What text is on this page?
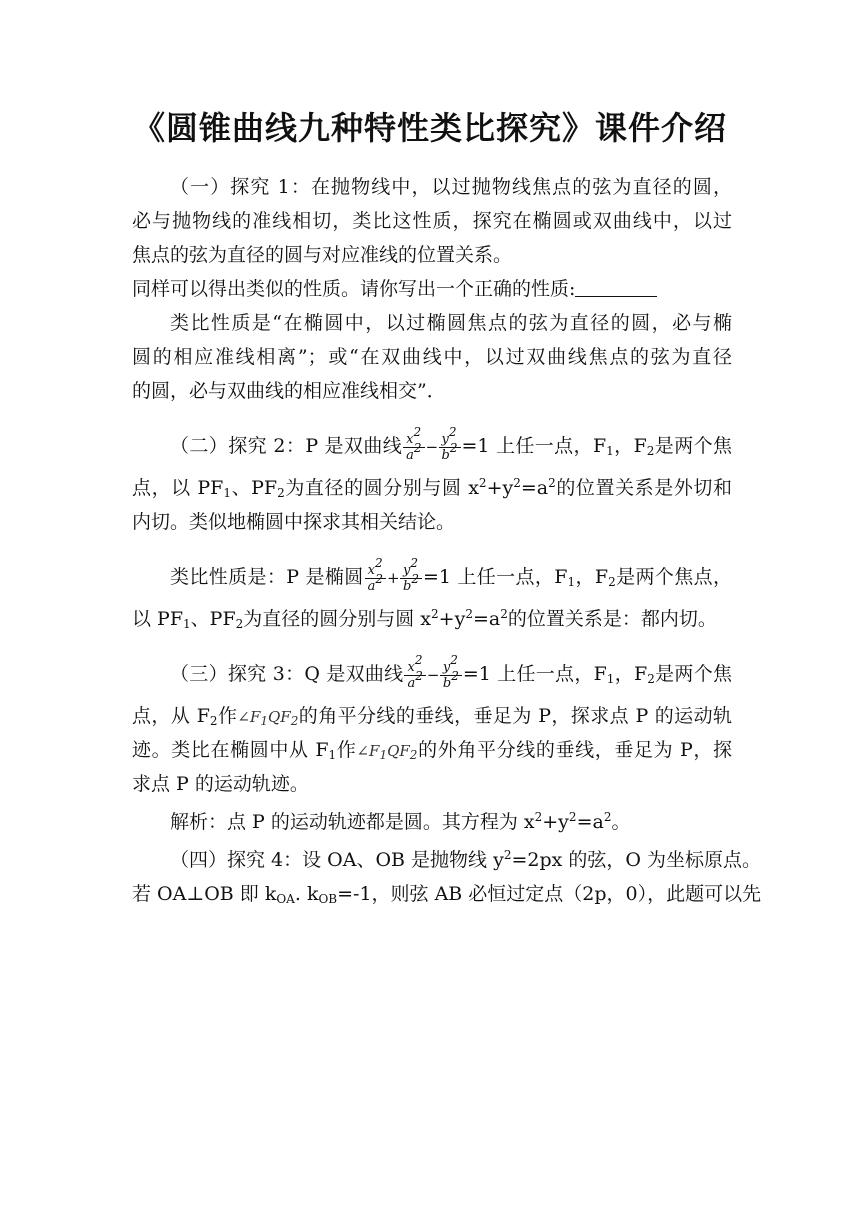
《圆锥曲线九种特性类比探究》课件介绍
（一）探究 1：在抛物线中，以过抛物线焦点的弦为直径的圆，
必与抛物线的准线相切，类比这性质，探究在椭圆或双曲线中，以过
焦点的弦为直径的圆与对应准线的位置关系。
同样可以得出类似的性质。请你写出一个正确的性质:
类比性质是“在椭圆中，以过椭圆焦点的弦为直径的圆，必与椭
圆的相应准线相离”；或“在双曲线中，以过双曲线焦点的弦为直径
的圆，必与双曲线的相应准线相交”．
（二）探究 2：P 是双曲线 $\frac{x2}{a2} - \frac{y2}{b2} =1$ 上任一点，$F_1$，$F_2$是两个焦
点，以 $PF_1$、$PF_2$为直径的圆分别与圆 $x^2+y^2=a^2$的位置关系是外切和
内切。类似地椭圆中探求其相关结论。
类比性质是：P 是椭圆 $\frac{x2}{a2} + \frac{y2}{b2} =1$ 上任一点，$F_1$，$F_2$是两个焦点，
以 $PF_1$、$PF_2$为直径的圆分别与圆 $x^2+y^2=a^2$的位置关系是：都内切。
（三）探究 3：Q 是双曲线 $\frac{x2}{a2} - \frac{y2}{b2} =1$ 上任一点，$F_1$，$F_2$是两个焦
点，从 $F_2$作$\angle F_1QF_2$的角平分线的垂线，垂足为 P，探求点 P 的运动轨
迹。类比在椭圆中从 $F_1$作$\angle F_1QF_2$的外角平分线的垂线，垂足为 P，探
求点 P 的运动轨迹。
解析：点 P 的运动轨迹都是圆。其方程为 $x^2+y^2=a^2$。
（四）探究 4：设 OA、OB 是抛物线 $y^2=2px$ 的弦，O 为坐标原点。
若 OA⊥OB 即 $k_{OA}$. $k_{OB}=-1$，则弦 AB 必恒过定点（2p，0），此题可以先
